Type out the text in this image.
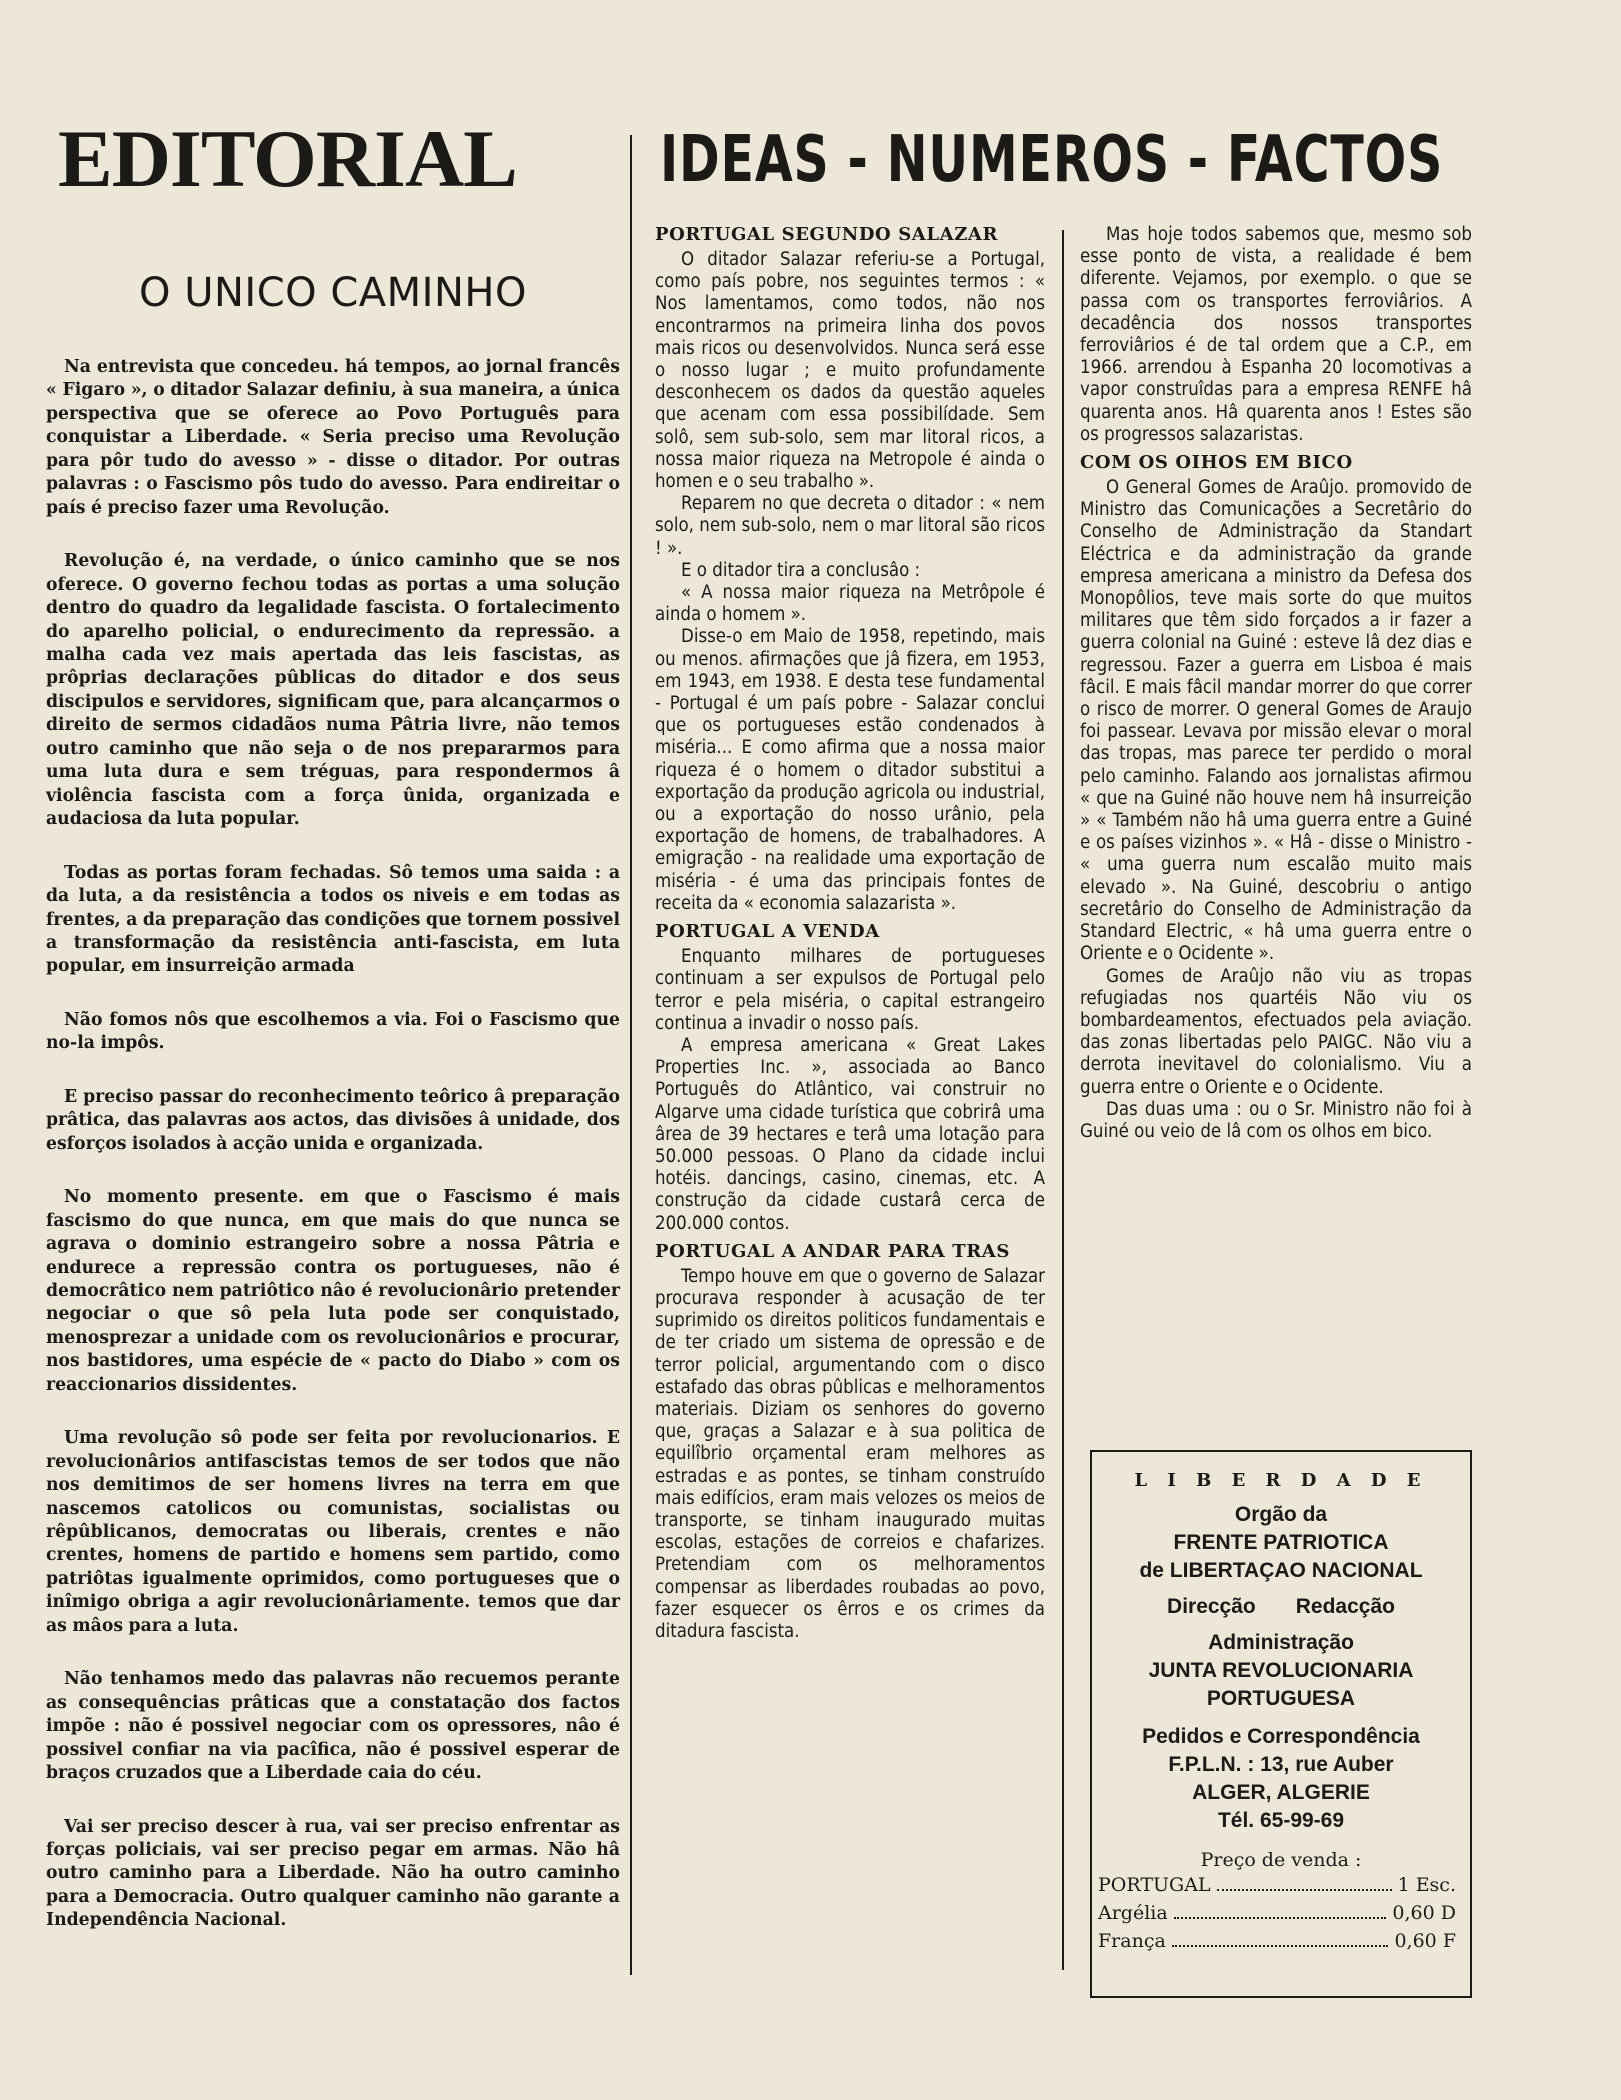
EDITORIAL	IDEAS - NUMEROS - FACTOS
O UNICO CAMINHO

Na entrevista que concedeu. há tempos, ao jornal francês « Figaro », o ditador Salazar definiu, à sua maneira, a única perspectiva que se oferece ao Povo Português para conquistar a Liberdade. « Seria preciso uma Revolução para pôr tudo do avesso » - disse o ditador. Por outras palavras : o Fascismo pôs tudo do avesso. Para endireitar o país é preciso fazer uma Revolução.

Revolução é, na verdade, o único caminho que se nos oferece. O governo fechou todas as portas a uma solução dentro do quadro da legalidade fascista. O fortalecimento do aparelho policial, o endurecimento da repressão. a malha cada vez mais apertada das leis fascistas, as prôprias declarações pûblicas do ditador e dos seus discipulos e servidores, significam que, para alcançarmos o direito de sermos cidadãos numa Pâtria livre, não temos outro caminho que não seja o de nos prepararmos para uma luta dura e sem tréguas, para respondermos â violência fascista com a força ûnida, organizada e audaciosa da luta popular.

Todas as portas foram fechadas. Sô temos uma saida : a da luta, a da resistência a todos os niveis e em todas as frentes, a da preparação das condições que tornem possivel a transformação da resistência anti-fascista, em luta popular, em insurreição armada

Não fomos nôs que escolhemos a via. Foi o Fascismo que no-la impôs.

E preciso passar do reconhecimento teôrico â preparação prâtica, das palavras aos actos, das divisões â unidade, dos esforços isolados à acção unida e organizada.

No momento presente. em que o Fascismo é mais fascismo do que nunca, em que mais do que nunca se agrava o dominio estrangeiro sobre a nossa Pâtria e endurece a repressão contra os portugueses, não é democrâtico nem patriôtico nâo é revolucionârio pretender negociar o que sô pela luta pode ser conquistado, menosprezar a unidade com os revolucionârios e procurar, nos bastidores, uma espécie de « pacto do Diabo » com os reaccionarios dissidentes.

Uma revolução sô pode ser feita por revolucionarios. E revolucionârios antifascistas temos de ser todos que não nos demitimos de ser homens livres na terra em que nascemos catolicos ou comunistas, socialistas ou rêpûblicanos, democratas ou liberais, crentes e não crentes, homens de partido e homens sem partido, como patriôtas igualmente oprimidos, como portugueses que o inîmigo obriga a agir revolucionâriamente. temos que dar as mâos para a luta.

Não tenhamos medo das palavras não recuemos perante as consequências prâticas que a constatação dos factos impõe : não é possivel negociar com os opressores, nâo é possivel confiar na via pacîfica, não é possivel esperar de braços cruzados que a Liberdade caia do céu.

Vai ser preciso descer à rua, vai ser preciso enfrentar as forças policiais, vai ser preciso pegar em armas. Não hâ outro caminho para a Liberdade. Não ha outro caminho para a Democracia. Outro qualquer caminho não garante a Independência Nacional.

PORTUGAL SEGUNDO SALAZAR

O ditador Salazar referiu-se a Portugal, como país pobre, nos seguintes termos : « Nos lamentamos, como todos, não nos encontrarmos na primeira linha dos povos mais ricos ou desenvolvidos. Nunca será esse o nosso lugar ; e muito profundamente desconhecem os dados da questão aqueles que acenam com essa possibilídade. Sem solô, sem sub-solo, sem mar litoral ricos, a nossa maior riqueza na Metropole é ainda o homen e o seu trabalho ».

Reparem no que decreta o ditador : « nem solo, nem sub-solo, nem o mar litoral são ricos ! ».

E o ditador tira a conclusâo :

« A nossa maior riqueza na Metrôpole é ainda o homem ».

Disse-o em Maio de 1958, repetindo, mais ou menos. afirmações que jâ fizera, em 1953, em 1943, em 1938. E desta tese fundamental - Portugal é um país pobre - Salazar conclui que os portugueses estão condenados à miséria... E como afirma que a nossa maior riqueza é o homem o ditador substitui a exportação da produção agricola ou industrial, ou a exportação do nosso urânio, pela exportação de homens, de trabalhadores. A emigração - na realidade uma exportação de miséria - é uma das principais fontes de receita da « economia salazarista ».

PORTUGAL A VENDA

Enquanto milhares de portugueses continuam a ser expulsos de Portugal pelo terror e pela miséria, o capital estrangeiro continua a invadir o nosso país.

A empresa americana « Great Lakes Properties Inc. », associada ao Banco Português do Atlântico, vai construir no Algarve uma cidade turística que cobrirâ uma ârea de 39 hectares e terâ uma lotação para 50.000 pessoas. O Plano da cidade inclui hotéis. dancings, casino, cinemas, etc. A construção da cidade custarâ cerca de 200.000 contos.

PORTUGAL A ANDAR PARA TRAS

Tempo houve em que o governo de Salazar procurava responder à acusação de ter suprimido os direitos politicos fundamentais e de ter criado um sistema de opressão e de terror policial, argumentando com o disco estafado das obras pûblicas e melhoramentos materiais. Diziam os senhores do governo que, graças a Salazar e à sua politica de equilîbrio orçamental eram melhores as estradas e as pontes, se tinham construído mais edifícios, eram mais velozes os meios de transporte, se tinham inaugurado muitas escolas, estações de correios e chafarizes. Pretendiam com os melhoramentos compensar as liberdades roubadas ao povo, fazer esquecer os êrros e os crimes da ditadura fascista.

Mas hoje todos sabemos que, mesmo sob esse ponto de vista, a realidade é bem diferente. Vejamos, por exemplo. o que se passa com os transportes ferroviârios. A decadência dos nossos transportes ferroviârios é de tal ordem que a C.P., em 1966. arrendou à Espanha 20 locomotivas a vapor construîdas para a empresa RENFE hâ quarenta anos. Hâ quarenta anos ! Estes são os progressos salazaristas.

COM OS OIHOS EM BICO

O General Gomes de Araûjo. promovido de Ministro das Comunicações a Secretârio do Conselho de Administração da Standart Eléctrica e da administração da grande empresa americana a ministro da Defesa dos Monopôlios, teve mais sorte do que muitos militares que têm sido forçados a ir fazer a guerra colonial na Guiné : esteve lâ dez dias e regressou. Fazer a guerra em Lisboa é mais fâcil. E mais fâcil mandar morrer do que correr o risco de morrer. O general Gomes de Araujo foi passear. Levava por missão elevar o moral das tropas, mas parece ter perdido o moral pelo caminho. Falando aos jornalistas afirmou « que na Guiné não houve nem hâ insurreição » « Também não hâ uma guerra entre a Guiné e os países vizinhos ». « Hâ - disse o Ministro - « uma guerra num escalão muito mais elevado ». Na Guiné, descobriu o antigo secretârio do Conselho de Administração da Standard Electric, « hâ uma guerra entre o Oriente e o Ocidente ».

Gomes de Araûjo não viu as tropas refugiadas nos quartéis Não viu os bombardeamentos, efectuados pela aviação. das zonas libertadas pelo PAIGC. Não viu a derrota inevitavel do colonialismo. Viu a guerra entre o Oriente e o Ocidente.

Das duas uma : ou o Sr. Ministro não foi à Guiné ou veio de lâ com os olhos em bico.

L I B E R D A D E
Orgão da
FRENTE PATRIOTICA
de LIBERTAÇAO NACIONAL
Direcção Redacção
Administração
JUNTA REVOLUCIONARIA
PORTUGUESA
Pedidos e Correspondência
F.P.L.N. : 13, rue Auber
ALGER, ALGERIE
Tél. 65-99-69
Preço de venda :
PORTUGAL	1 Esc.
Argélia	0,60 D
França	0,60 F
